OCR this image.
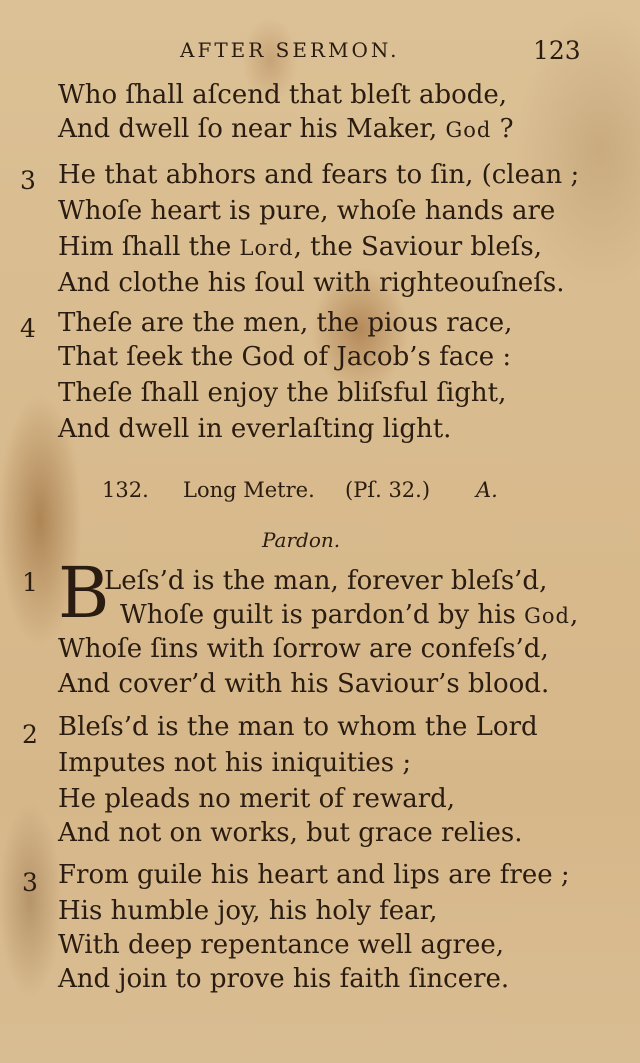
AFTER SERMON.	123
Who ſhall aſcend that bleſt abode,
And dwell ſo near his Maker, God ?
3 He that abhors and fears to ſin, (clean ;
Whoſe heart is pure, whoſe hands are
Him ſhall the Lord, the Saviour bleſs,
And clothe his ſoul with righteouſneſs.
4 Theſe are the men, the pious race,
That ſeek the God of Jacob’s face :
Theſe ſhall enjoy the bliſsful ſight,
And dwell in everlaſting light.
132. Long Metre. (Pſ. 32.) A.
Pardon.
1 B
Leſs’d is the man, forever bleſs’d,
Whoſe guilt is pardon’d by his God,
Whoſe ſins with ſorrow are confeſs’d,
And cover’d with his Saviour’s blood.
2 Bleſs’d is the man to whom the Lord
Imputes not his iniquities ;
He pleads no merit of reward,
And not on works, but grace relies.
3 From guile his heart and lips are free ;
His humble joy, his holy fear,
With deep repentance well agree,
And join to prove his faith ſincere.
